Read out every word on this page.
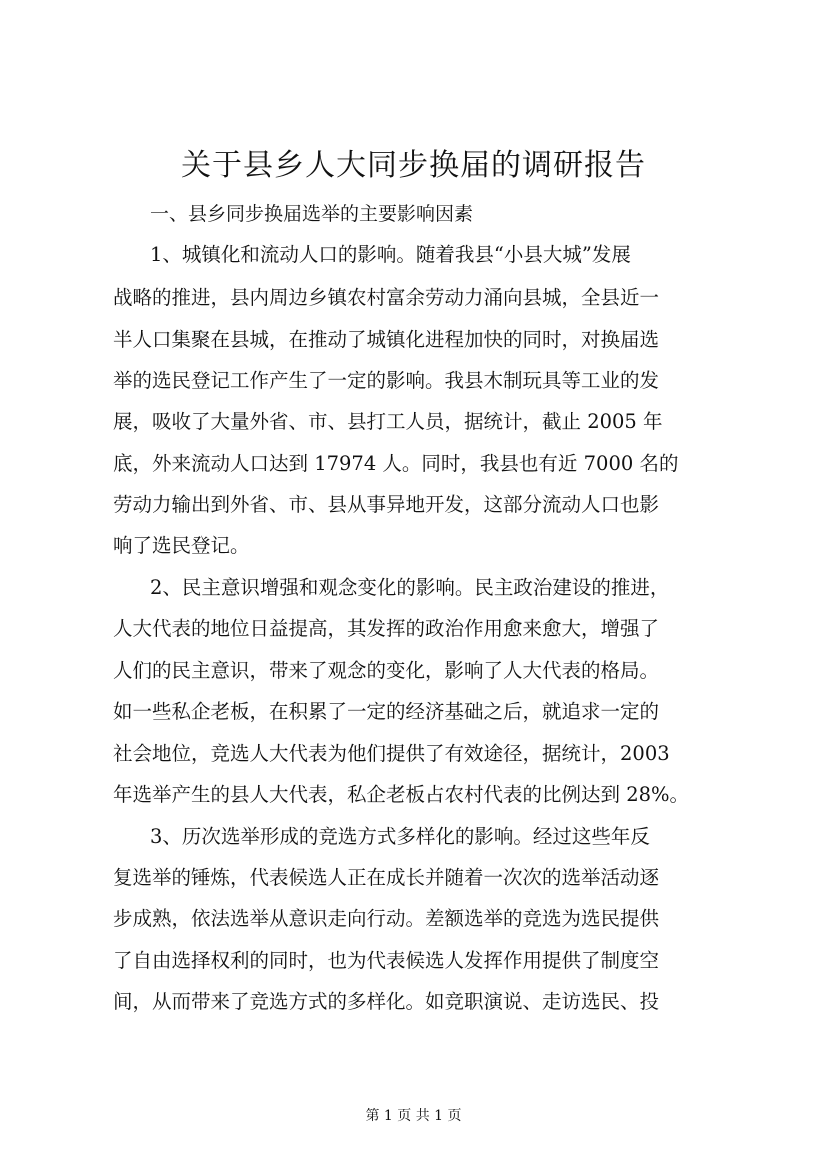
关于县乡人大同步换届的调研报告

一、县乡同步换届选举的主要影响因素

1、城镇化和流动人口的影响。随着我县“小县大城”发展

战略的推进，县内周边乡镇农村富余劳动力涌向县城，全县近一

半人口集聚在县城，在推动了城镇化进程加快的同时，对换届选

举的选民登记工作产生了一定的影响。我县木制玩具等工业的发

展，吸收了大量外省、市、县打工人员，据统计，截止 2005 年

底，外来流动人口达到 17974 人。同时，我县也有近 7000 名的

劳动力输出到外省、市、县从事异地开发，这部分流动人口也影

响了选民登记。

2、民主意识增强和观念变化的影响。民主政治建设的推进，

人大代表的地位日益提高，其发挥的政治作用愈来愈大，增强了

人们的民主意识，带来了观念的变化，影响了人大代表的格局。

如一些私企老板，在积累了一定的经济基础之后，就追求一定的

社会地位，竞选人大代表为他们提供了有效途径，据统计，2003

年选举产生的县人大代表，私企老板占农村代表的比例达到 28%。

3、历次选举形成的竞选方式多样化的影响。经过这些年反

复选举的锤炼，代表候选人正在成长并随着一次次的选举活动逐

步成熟，依法选举从意识走向行动。差额选举的竞选为选民提供

了自由选择权利的同时，也为代表候选人发挥作用提供了制度空

间，从而带来了竞选方式的多样化。如竞职演说、走访选民、投

第 1 页 共 1 页
